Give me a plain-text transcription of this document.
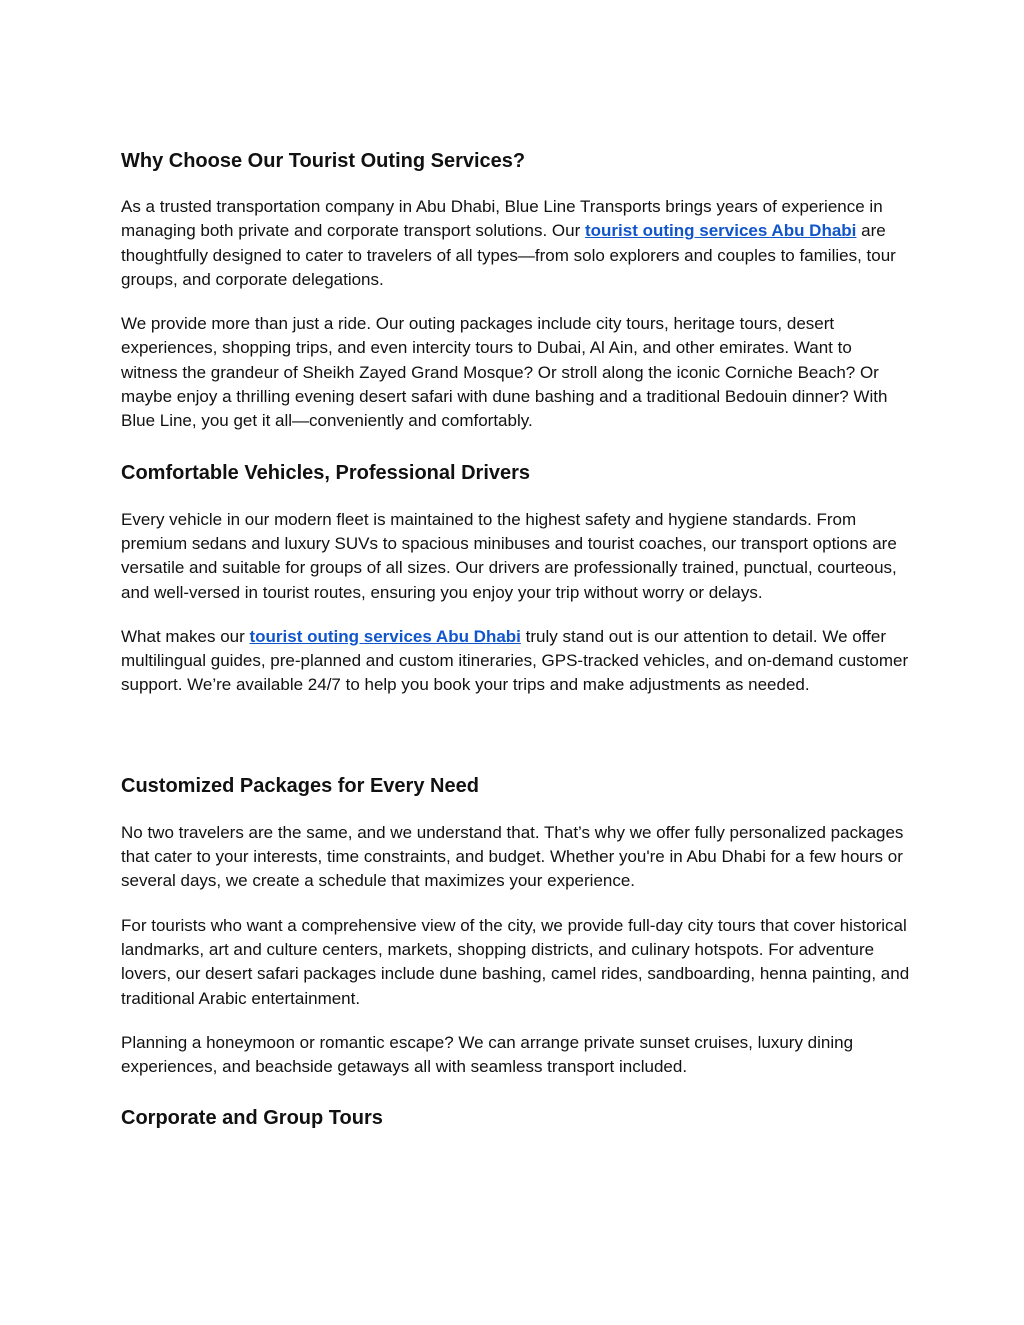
Why Choose Our Tourist Outing Services?

As a trusted transportation company in Abu Dhabi, Blue Line Transports brings years of experience in managing both private and corporate transport solutions. Our tourist outing services Abu Dhabi are thoughtfully designed to cater to travelers of all types—from solo explorers and couples to families, tour groups, and corporate delegations.

We provide more than just a ride. Our outing packages include city tours, heritage tours, desert experiences, shopping trips, and even intercity tours to Dubai, Al Ain, and other emirates. Want to witness the grandeur of Sheikh Zayed Grand Mosque? Or stroll along the iconic Corniche Beach? Or maybe enjoy a thrilling evening desert safari with dune bashing and a traditional Bedouin dinner? With Blue Line, you get it all—conveniently and comfortably.

Comfortable Vehicles, Professional Drivers

Every vehicle in our modern fleet is maintained to the highest safety and hygiene standards. From premium sedans and luxury SUVs to spacious minibuses and tourist coaches, our transport options are versatile and suitable for groups of all sizes. Our drivers are professionally trained, punctual, courteous, and well-versed in tourist routes, ensuring you enjoy your trip without worry or delays.

What makes our tourist outing services Abu Dhabi truly stand out is our attention to detail. We offer multilingual guides, pre-planned and custom itineraries, GPS-tracked vehicles, and on-demand customer support. We’re available 24/7 to help you book your trips and make adjustments as needed.

Customized Packages for Every Need

No two travelers are the same, and we understand that. That’s why we offer fully personalized packages that cater to your interests, time constraints, and budget. Whether you're in Abu Dhabi for a few hours or several days, we create a schedule that maximizes your experience.

For tourists who want a comprehensive view of the city, we provide full-day city tours that cover historical landmarks, art and culture centers, markets, shopping districts, and culinary hotspots. For adventure lovers, our desert safari packages include dune bashing, camel rides, sandboarding, henna painting, and traditional Arabic entertainment.

Planning a honeymoon or romantic escape? We can arrange private sunset cruises, luxury dining experiences, and beachside getaways all with seamless transport included.

Corporate and Group Tours
